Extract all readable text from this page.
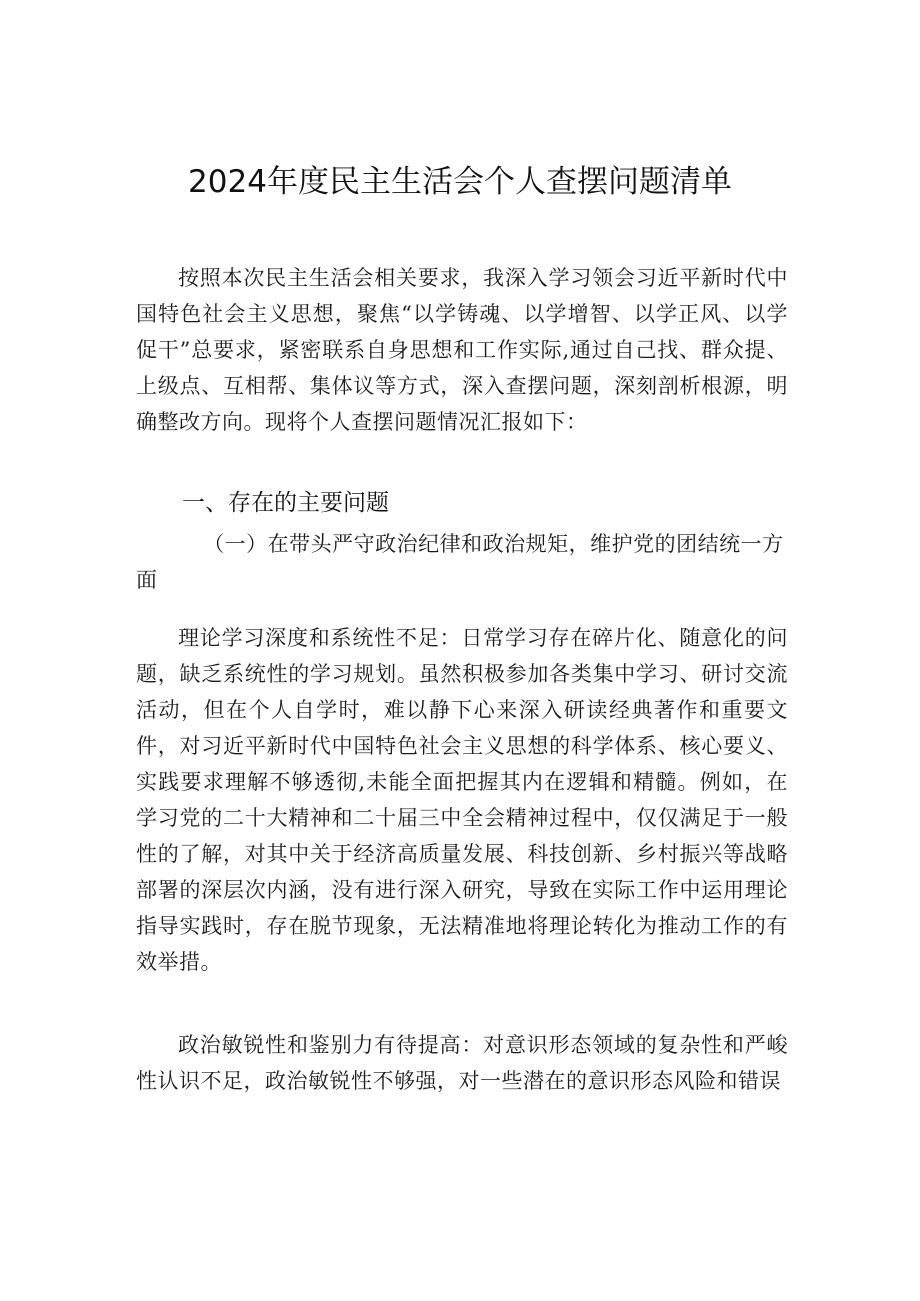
2024年度民主生活会个人查摆问题清单
按照本次民主生活会相关要求，我深入学习领会习近平新时代中国特色社会主义思想，聚焦“以学铸魂、以学增智、以学正风、以学促干”总要求，紧密联系自身思想和工作实际,通过自己找、群众提、上级点、互相帮、集体议等方式，深入查摆问题，深刻剖析根源，明确整改方向。现将个人查摆问题情况汇报如下：
一、存在的主要问题
（一）在带头严守政治纪律和政治规矩，维护党的团结统一方面
理论学习深度和系统性不足：日常学习存在碎片化、随意化的问题，缺乏系统性的学习规划。虽然积极参加各类集中学习、研讨交流活动，但在个人自学时，难以静下心来深入研读经典著作和重要文件，对习近平新时代中国特色社会主义思想的科学体系、核心要义、实践要求理解不够透彻,未能全面把握其内在逻辑和精髓。例如，在学习党的二十大精神和二十届三中全会精神过程中，仅仅满足于一般性的了解，对其中关于经济高质量发展、科技创新、乡村振兴等战略部署的深层次内涵，没有进行深入研究，导致在实际工作中运用理论指导实践时，存在脱节现象，无法精准地将理论转化为推动工作的有效举措。
政治敏锐性和鉴别力有待提高：对意识形态领域的复杂性和严峻性认识不足，政治敏锐性不够强，对一些潜在的意识形态风险和错误
